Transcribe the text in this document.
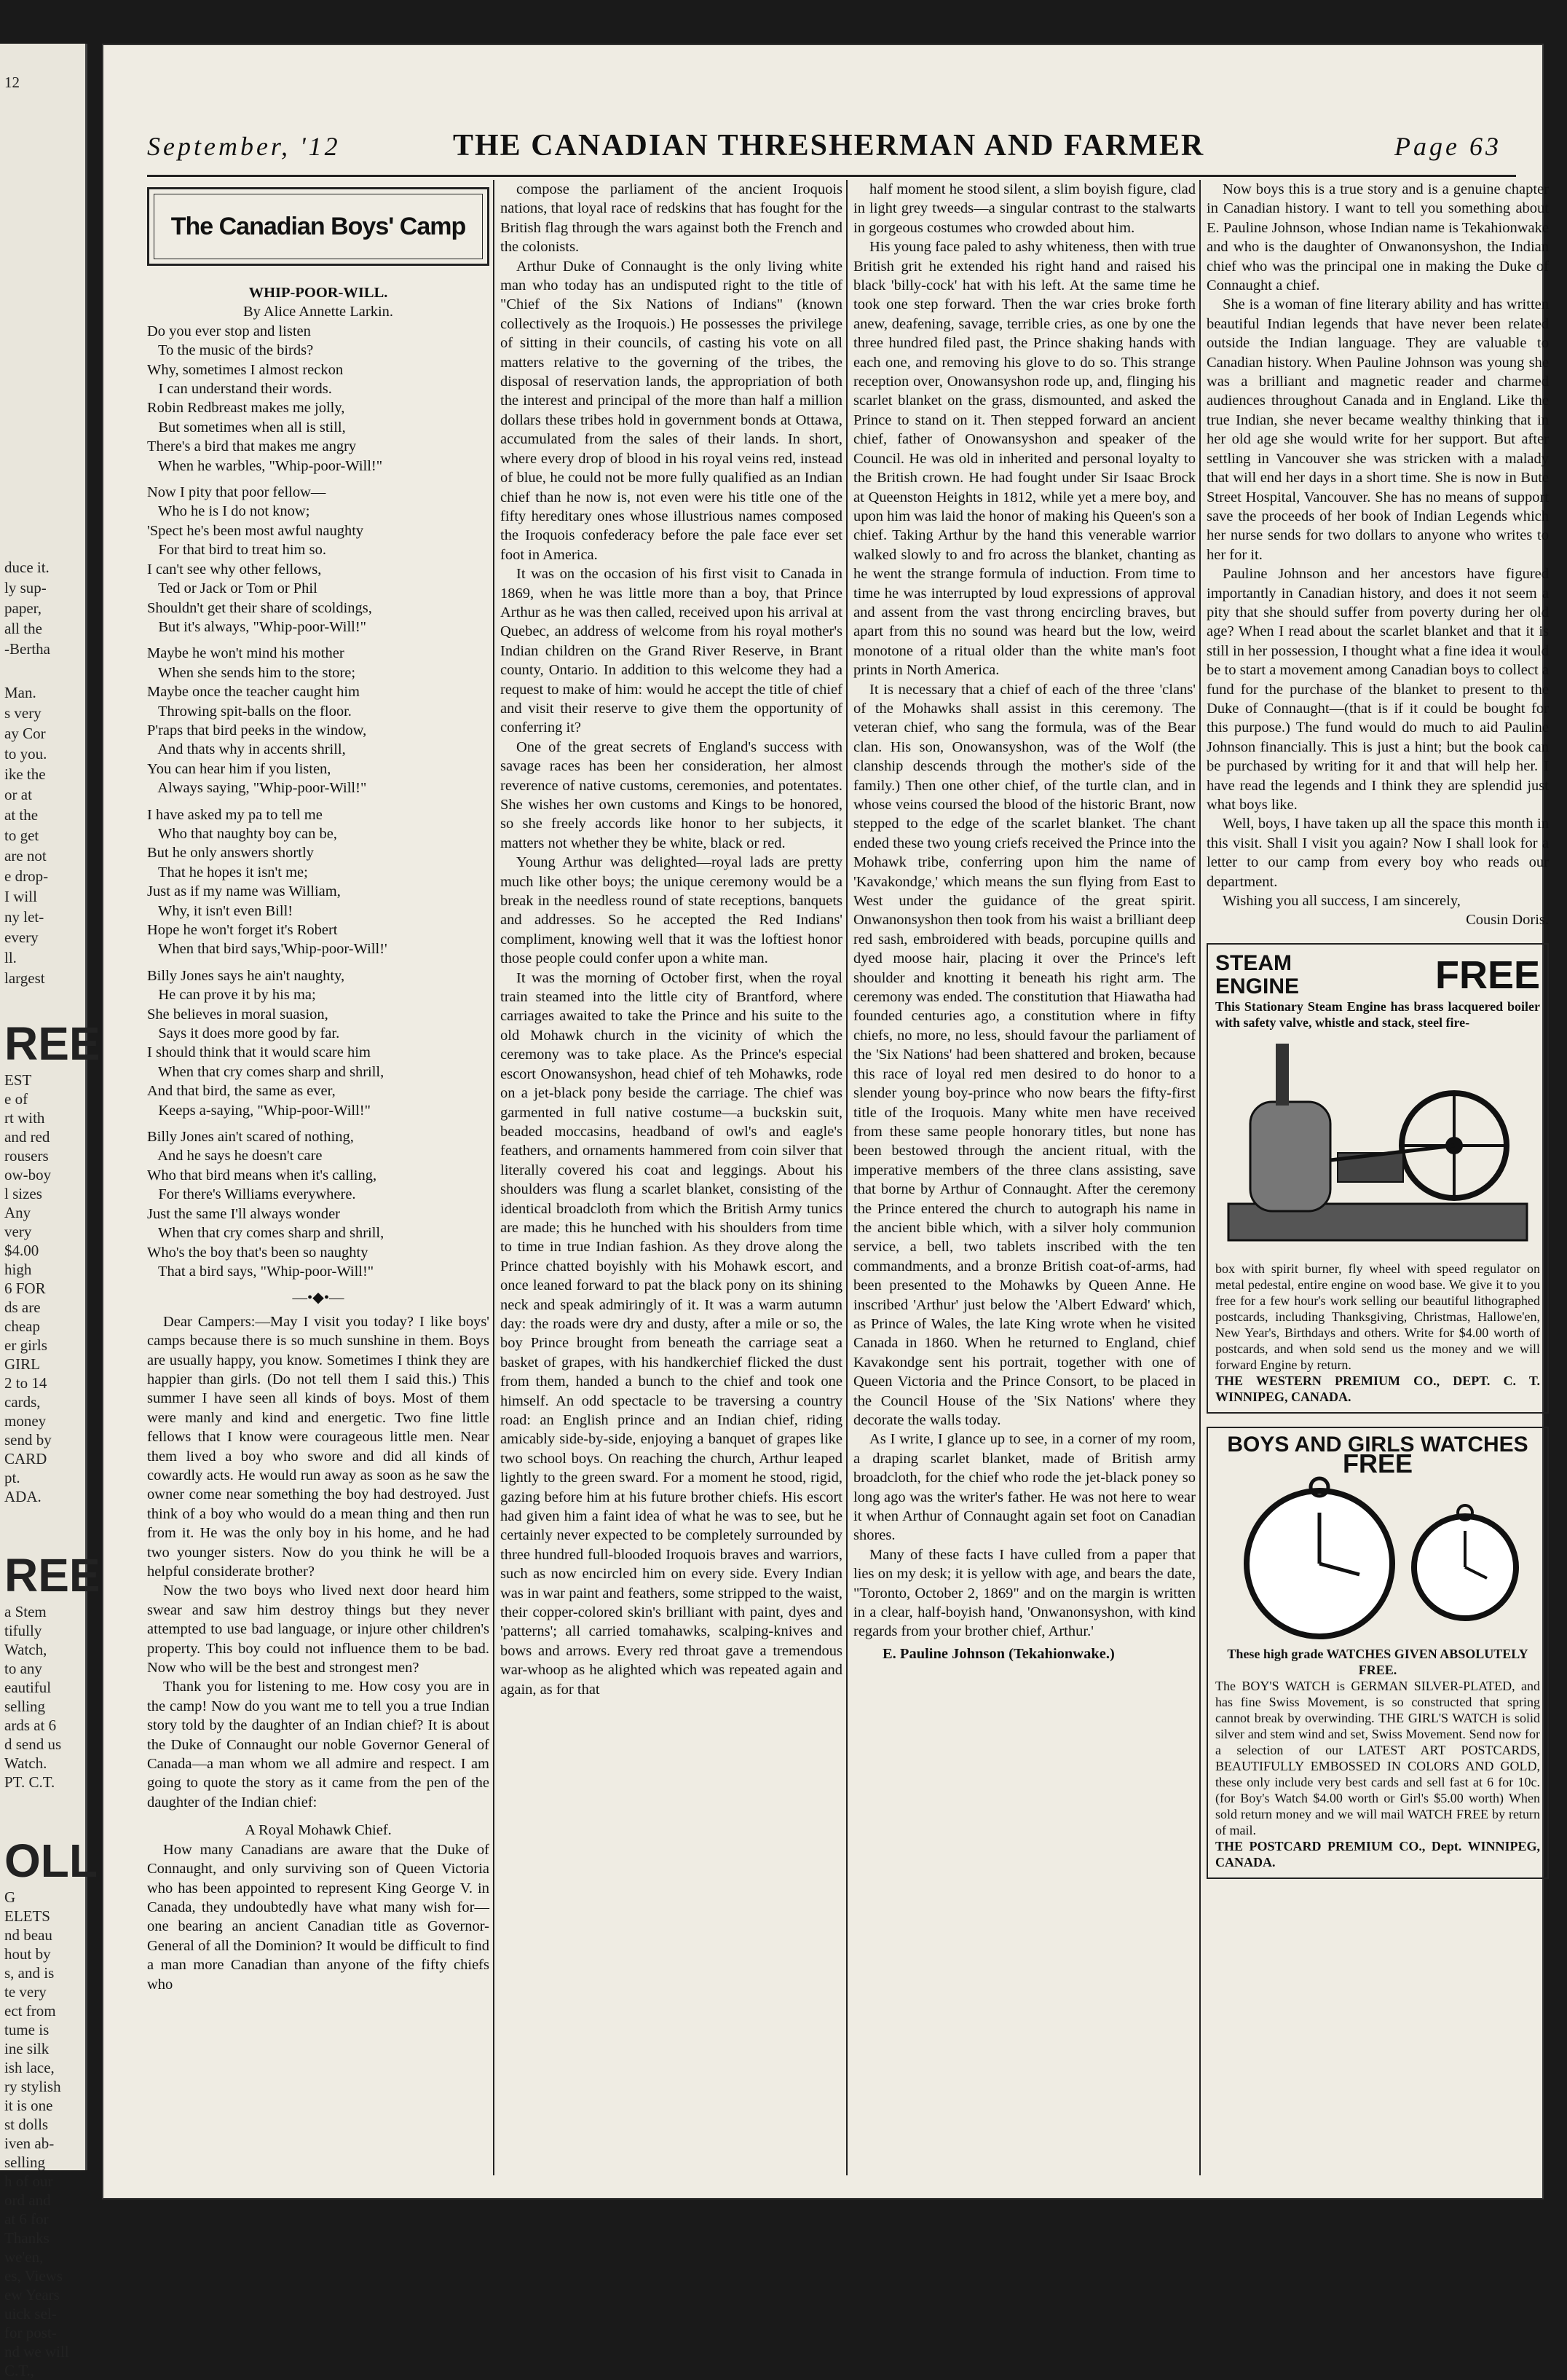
12
duce it.
ly sup-
paper,
all the
-Bertha
Man.
s very
ay Cor
to you.
ike the
or at
at the
to get
are not
e drop-
I will
ny let-
every
ll.
largest
REE
EST
e of
rt with
and red
rousers
ow-boy
l sizes
Any
very
$4.00
high
6 FOR
ds are
cheap
er girls
GIRL
2 to 14
cards,
money
send by
CARD
pt.
ADA.
REE
a Stem
tifully
Watch,
to any
eautiful
selling
ards at 6
d send us
Watch.
PT. C.T.
OLL
G
ELETS
nd beau
hout by
s, and is
te very
ect from
tume is
ine silk
ish lace,
ry stylish
it is one
st dolls
iven ab-
selling
h of our
ord and
at 6 for
Thanks
we'en,
es, Views
ew Years
uick sel-
for post-
nd we will
C.T.,
September, '12	THE CANADIAN THRESHERMAN AND FARMER	Page 63
The Canadian Boys' Camp

WHIP-POOR-WILL.

By Alice Annette Larkin.

Do you ever stop and listen
To the music of the birds?
Why, sometimes I almost reckon
I can understand their words.
Robin Redbreast makes me jolly,
But sometimes when all is still,
There's a bird that makes me angry
When he warbles, "Whip-poor-Will!"

Now I pity that poor fellow—
Who he is I do not know;
'Spect he's been most awful naughty
For that bird to treat him so.
I can't see why other fellows,
Ted or Jack or Tom or Phil
Shouldn't get their share of scoldings,
But it's always, "Whip-poor-Will!"

Maybe he won't mind his mother
When she sends him to the store;
Maybe once the teacher caught him
Throwing spit-balls on the floor.
P'raps that bird peeks in the window,
And thats why in accents shrill,
You can hear him if you listen,
Always saying, "Whip-poor-Will!"

I have asked my pa to tell me
Who that naughty boy can be,
But he only answers shortly
That he hopes it isn't me;
Just as if my name was William,
Why, it isn't even Bill!
Hope he won't forget it's Robert
When that bird says,'Whip-poor-Will!'

Billy Jones says he ain't naughty,
He can prove it by his ma;
She believes in moral suasion,
Says it does more good by far.
I should think that it would scare him
When that cry comes sharp and shrill,
And that bird, the same as ever,
Keeps a-saying, "Whip-poor-Will!"

Billy Jones ain't scared of nothing,
And he says he doesn't care
Who that bird means when it's calling,
For there's Williams everywhere.
Just the same I'll always wonder
When that cry comes sharp and shrill,
Who's the boy that's been so naughty
That a bird says, "Whip-poor-Will!"

—•◆•—

Dear Campers:—May I visit you today? I like boys' camps because there is so much sunshine in them. Boys are usually happy, you know. Sometimes I think they are happier than girls. (Do not tell them I said this.) This summer I have seen all kinds of boys. Most of them were manly and kind and energetic. Two fine little fellows that I know were courageous little men. Near them lived a boy who swore and did all kinds of cowardly acts. He would run away as soon as he saw the owner come near something the boy had destroyed. Just think of a boy who would do a mean thing and then run from it. He was the only boy in his home, and he had two younger sisters. Now do you think he will be a helpful considerate brother?

Now the two boys who lived next door heard him swear and saw him destroy things but they never attempted to use bad language, or injure other children's property. This boy could not influence them to be bad. Now who will be the best and strongest men?

Thank you for listening to me. How cosy you are in the camp! Now do you want me to tell you a true Indian story told by the daughter of an Indian chief? It is about the Duke of Connaught our noble Governor General of Canada—a man whom we all admire and respect. I am going to quote the story as it came from the pen of the daughter of the Indian chief:

A Royal Mohawk Chief.

How many Canadians are aware that the Duke of Connaught, and only surviving son of Queen Victoria who has been appointed to represent King George V. in Canada, they undoubtedly have what many wish for—one bearing an ancient Canadian title as Governor-General of all the Dominion? It would be difficult to find a man more Canadian than anyone of the fifty chiefs who

compose the parliament of the ancient Iroquois nations, that loyal race of redskins that has fought for the British flag through the wars against both the French and the colonists.

Arthur Duke of Connaught is the only living white man who today has an undisputed right to the title of "Chief of the Six Nations of Indians" (known collectively as the Iroquois.) He possesses the privilege of sitting in their councils, of casting his vote on all matters relative to the governing of the tribes, the disposal of reservation lands, the appropriation of both the interest and principal of the more than half a million dollars these tribes hold in government bonds at Ottawa, accumulated from the sales of their lands. In short, where every drop of blood in his royal veins red, instead of blue, he could not be more fully qualified as an Indian chief than he now is, not even were his title one of the fifty hereditary ones whose illustrious names composed the Iroquois confederacy before the pale face ever set foot in America.

It was on the occasion of his first visit to Canada in 1869, when he was little more than a boy, that Prince Arthur as he was then called, received upon his arrival at Quebec, an address of welcome from his royal mother's Indian children on the Grand River Reserve, in Brant county, Ontario. In addition to this welcome they had a request to make of him: would he accept the title of chief and visit their reserve to give them the opportunity of conferring it?

One of the great secrets of England's success with savage races has been her consideration, her almost reverence of native customs, ceremonies, and potentates. She wishes her own customs and Kings to be honored, so she freely accords like honor to her subjects, it matters not whether they be white, black or red.

Young Arthur was delighted—royal lads are pretty much like other boys; the unique ceremony would be a break in the needless round of state receptions, banquets and addresses. So he accepted the Red Indians' compliment, knowing well that it was the loftiest honor those people could confer upon a white man.

It was the morning of October first, when the royal train steamed into the little city of Brantford, where carriages awaited to take the Prince and his suite to the old Mohawk church in the vicinity of which the ceremony was to take place. As the Prince's especial escort Onowansyshon, head chief of teh Mohawks, rode on a jet-black pony beside the carriage. The chief was garmented in full native costume—a buckskin suit, beaded moccasins, headband of owl's and eagle's feathers, and ornaments hammered from coin silver that literally covered his coat and leggings. About his shoulders was flung a scarlet blanket, consisting of the identical broadcloth from which the British Army tunics are made; this he hunched with his shoulders from time to time in true Indian fashion. As they drove along the Prince chatted boyishly with his Mohawk escort, and once leaned forward to pat the black pony on its shining neck and speak admiringly of it. It was a warm autumn day: the roads were dry and dusty, after a mile or so, the boy Prince brought from beneath the carriage seat a basket of grapes, with his handkerchief flicked the dust from them, handed a bunch to the chief and took one himself. An odd spectacle to be traversing a country road: an English prince and an Indian chief, riding amicably side-by-side, enjoying a banquet of grapes like two school boys. On reaching the church, Arthur leaped lightly to the green sward. For a moment he stood, rigid, gazing before him at his future brother chiefs. His escort had given him a faint idea of what he was to see, but he certainly never expected to be completely surrounded by three hundred full-blooded Iroquois braves and warriors, such as now encircled him on every side. Every Indian was in war paint and feathers, some stripped to the waist, their copper-colored skin's brilliant with paint, dyes and 'patterns'; all carried tomahawks, scalping-knives and bows and arrows. Every red throat gave a tremendous war-whoop as he alighted which was repeated again and again, as for that

half moment he stood silent, a slim boyish figure, clad in light grey tweeds—a singular contrast to the stalwarts in gorgeous costumes who crowded about him.

His young face paled to ashy whiteness, then with true British grit he extended his right hand and raised his black 'billy-cock' hat with his left. At the same time he took one step forward. Then the war cries broke forth anew, deafening, savage, terrible cries, as one by one the three hundred filed past, the Prince shaking hands with each one, and removing his glove to do so. This strange reception over, Onowansyshon rode up, and, flinging his scarlet blanket on the grass, dismounted, and asked the Prince to stand on it. Then stepped forward an ancient chief, father of Onowansyshon and speaker of the Council. He was old in inherited and personal loyalty to the British crown. He had fought under Sir Isaac Brock at Queenston Heights in 1812, while yet a mere boy, and upon him was laid the honor of making his Queen's son a chief. Taking Arthur by the hand this venerable warrior walked slowly to and fro across the blanket, chanting as he went the strange formula of induction. From time to time he was interrupted by loud expressions of approval and assent from the vast throng encircling braves, but apart from this no sound was heard but the low, weird monotone of a ritual older than the white man's foot prints in North America.

It is necessary that a chief of each of the three 'clans' of the Mohawks shall assist in this ceremony. The veteran chief, who sang the formula, was of the Bear clan. His son, Onowansyshon, was of the Wolf (the clanship descends through the mother's side of the family.) Then one other chief, of the turtle clan, and in whose veins coursed the blood of the historic Brant, now stepped to the edge of the scarlet blanket. The chant ended these two young criefs received the Prince into the Mohawk tribe, conferring upon him the name of 'Kavakondge,' which means the sun flying from East to West under the guidance of the great spirit. Onwanonsyshon then took from his waist a brilliant deep red sash, embroidered with beads, porcupine quills and dyed moose hair, placing it over the Prince's left shoulder and knotting it beneath his right arm. The ceremony was ended. The constitution that Hiawatha had founded centuries ago, a constitution where in fifty chiefs, no more, no less, should favour the parliament of the 'Six Nations' had been shattered and broken, because this race of loyal red men desired to do honor to a slender young boy-prince who now bears the fifty-first title of the Iroquois. Many white men have received from these same people honorary titles, but none has been bestowed through the ancient ritual, with the imperative members of the three clans assisting, save that borne by Arthur of Connaught. After the ceremony the Prince entered the church to autograph his name in the ancient bible which, with a silver holy communion service, a bell, two tablets inscribed with the ten commandments, and a bronze British coat-of-arms, had been presented to the Mohawks by Queen Anne. He inscribed 'Arthur' just below the 'Albert Edward' which, as Prince of Wales, the late King wrote when he visited Canada in 1860. When he returned to England, chief Kavakondge sent his portrait, together with one of Queen Victoria and the Prince Consort, to be placed in the Council House of the 'Six Nations' where they decorate the walls today.

As I write, I glance up to see, in a corner of my room, a draping scarlet blanket, made of British army broadcloth, for the chief who rode the jet-black poney so long ago was the writer's father. He was not here to wear it when Arthur of Connaught again set foot on Canadian shores.

Many of these facts I have culled from a paper that lies on my desk; it is yellow with age, and bears the date, "Toronto, October 2, 1869" and on the margin is written in a clear, half-boyish hand, 'Onwanonsyshon, with kind regards from your brother chief, Arthur.'

E. Pauline Johnson (Tekahionwake.)

Now boys this is a true story and is a genuine chapter in Canadian history. I want to tell you something about E. Pauline Johnson, whose Indian name is Tekahionwake and who is the daughter of Onwanonsyshon, the Indian chief who was the principal one in making the Duke of Connaught a chief.

She is a woman of fine literary ability and has written beautiful Indian legends that have never been related outside the Indian language. They are valuable to Canadian history. When Pauline Johnson was young she was a brilliant and magnetic reader and charmed audiences throughout Canada and in England. Like the true Indian, she never became wealthy thinking that in her old age she would write for her support. But after settling in Vancouver she was stricken with a malady that will end her days in a short time. She is now in Bute Street Hospital, Vancouver. She has no means of support save the proceeds of her book of Indian Legends which her nurse sends for two dollars to anyone who writes to her for it.

Pauline Johnson and her ancestors have figured importantly in Canadian history, and does it not seem a pity that she should suffer from poverty during her old age? When I read about the scarlet blanket and that it is still in her possession, I thought what a fine idea it would be to start a movement among Canadian boys to collect a fund for the purchase of the blanket to present to the Duke of Connaught—(that is if it could be bought for this purpose.) The fund would do much to aid Pauline Johnson financially. This is just a hint; but the book can be purchased by writing for it and that will help her. I have read the legends and I think they are splendid just what boys like.

Well, boys, I have taken up all the space this month in this visit. Shall I visit you again? Now I shall look for a letter to our camp from every boy who reads our department.

Wishing you all success, I am sincerely,

Cousin Doris.

STEAM
ENGINE	FREE

This Stationary Steam Engine has brass lacquered boiler with safety valve, whistle and stack, steel fire-

box with spirit burner, fly wheel with speed regulator on metal pedestal, entire engine on wood base. We give it to you free for a few hour's work selling our beautiful lithographed postcards, including Thanksgiving, Christmas, Hallowe'en, New Year's, Birthdays and others. Write for $4.00 worth of postcards, and when sold send us the money and we will forward Engine by return.

THE WESTERN PREMIUM CO., DEPT. C. T. WINNIPEG, CANADA.

BOYS AND GIRLS WATCHES
FREE

These high grade WATCHES GIVEN ABSOLUTELY FREE.

The BOY'S WATCH is GERMAN SILVER-PLATED, and has fine Swiss Movement, is so constructed that spring cannot break by overwinding. THE GIRL'S WATCH is solid silver and stem wind and set, Swiss Movement. Send now for a selection of our LATEST ART POSTCARDS, BEAUTIFULLY EMBOSSED IN COLORS AND GOLD, these only include very best cards and sell fast at 6 for 10c. (for Boy's Watch $4.00 worth or Girl's $5.00 worth) When sold return money and we will mail WATCH FREE by return of mail.

THE POSTCARD PREMIUM CO., Dept. WINNIPEG, CANADA.
